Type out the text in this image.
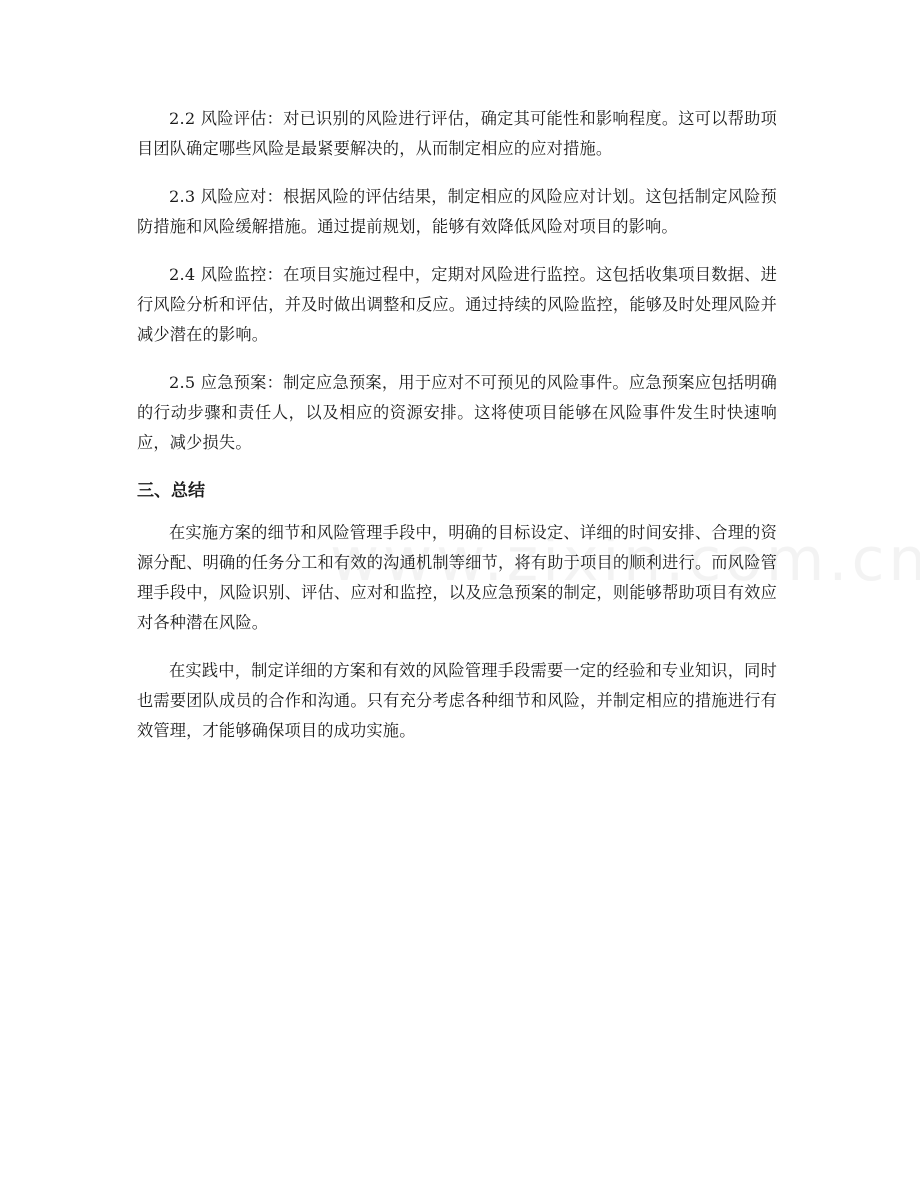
2.2 风险评估：对已识别的风险进行评估，确定其可能性和影响程度。这可以帮助项目团队确定哪些风险是最紧要解决的，从而制定相应的应对措施。

2.3 风险应对：根据风险的评估结果，制定相应的风险应对计划。这包括制定风险预防措施和风险缓解措施。通过提前规划，能够有效降低风险对项目的影响。

2.4 风险监控：在项目实施过程中，定期对风险进行监控。这包括收集项目数据、进行风险分析和评估，并及时做出调整和反应。通过持续的风险监控，能够及时处理风险并减少潜在的影响。

2.5 应急预案：制定应急预案，用于应对不可预见的风险事件。应急预案应包括明确的行动步骤和责任人，以及相应的资源安排。这将使项目能够在风险事件发生时快速响应，减少损失。

三、总结

在实施方案的细节和风险管理手段中，明确的目标设定、详细的时间安排、合理的资源分配、明确的任务分工和有效的沟通机制等细节，将有助于项目的顺利进行。而风险管理手段中，风险识别、评估、应对和监控，以及应急预案的制定，则能够帮助项目有效应对各种潜在风险。

在实践中，制定详细的方案和有效的风险管理手段需要一定的经验和专业知识，同时也需要团队成员的合作和沟通。只有充分考虑各种细节和风险，并制定相应的措施进行有效管理，才能够确保项目的成功实施。
